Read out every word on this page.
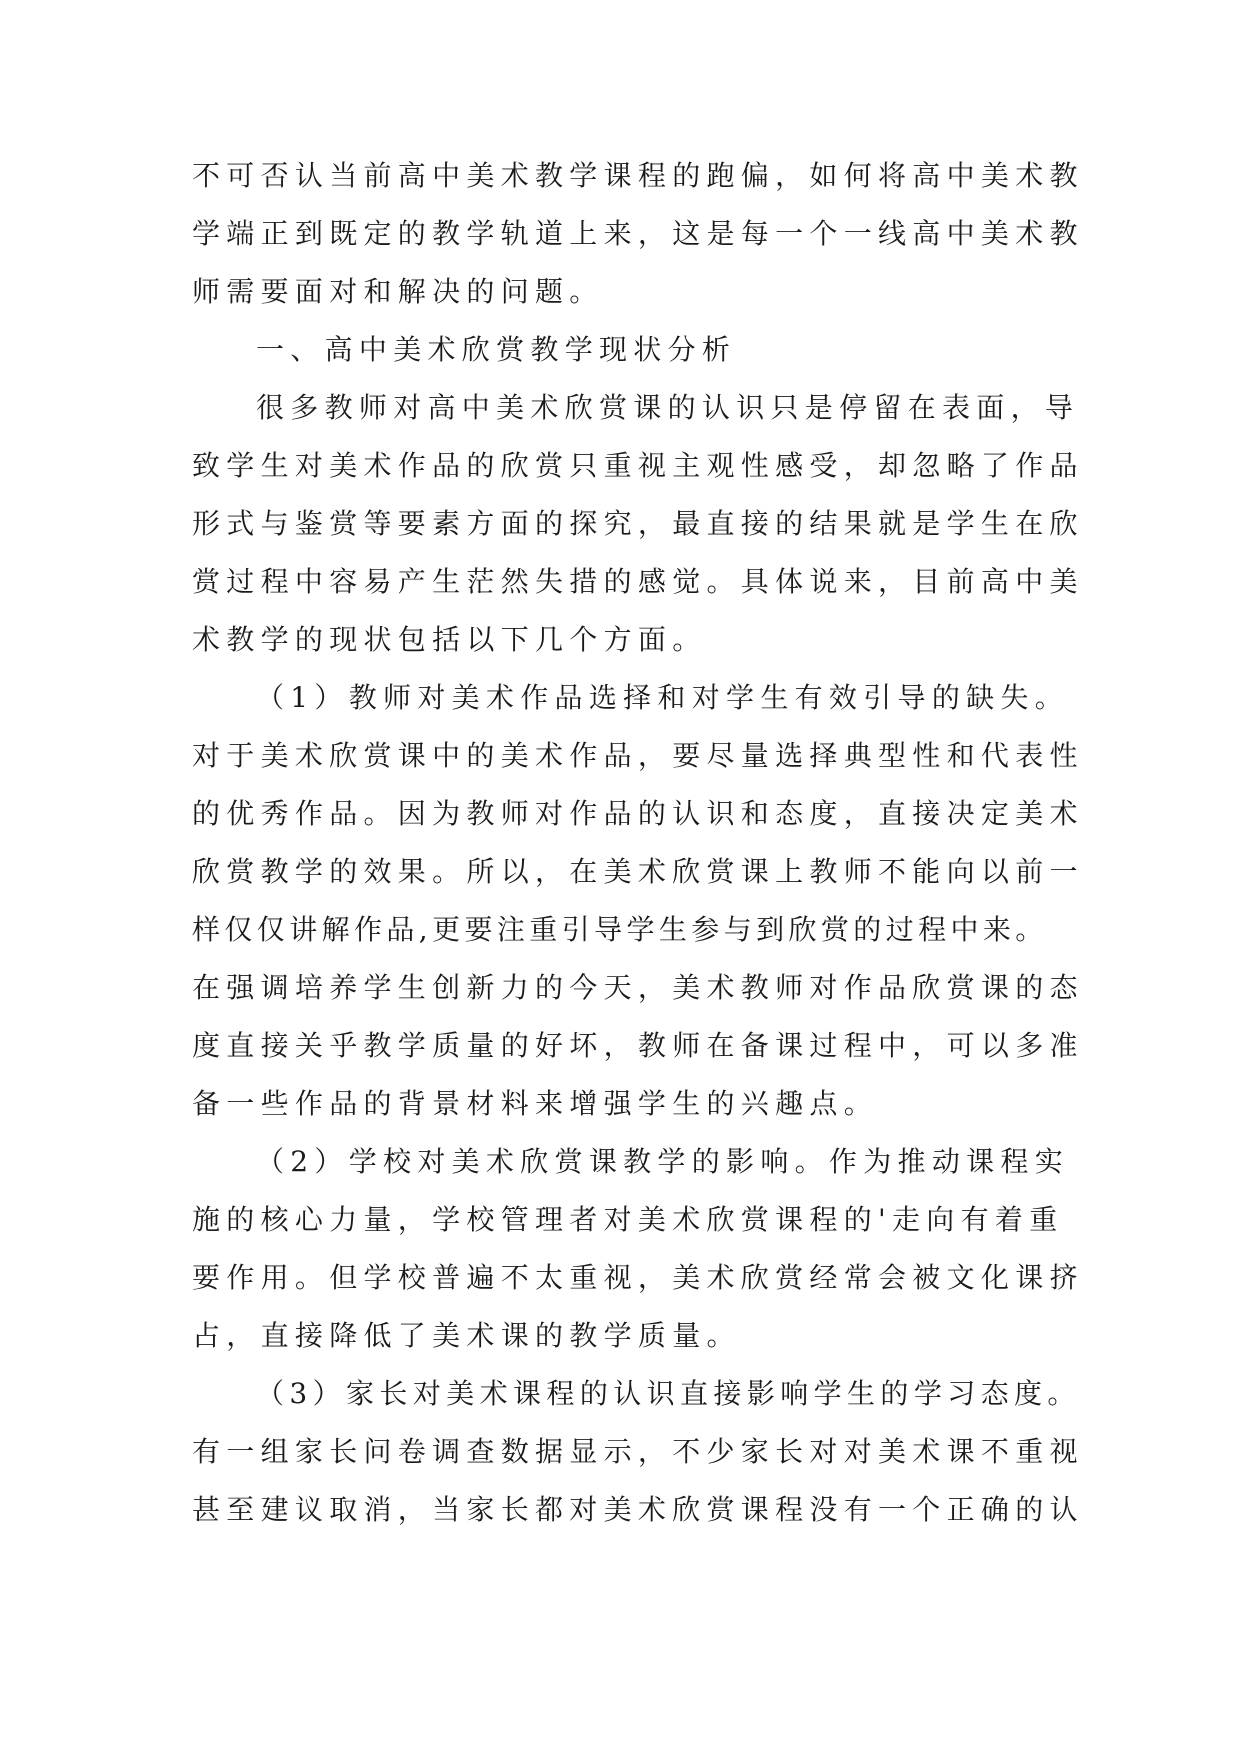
不可否认当前高中美术教学课程的跑偏，如何将高中美术教
学端正到既定的教学轨道上来，这是每一个一线高中美术教
师需要面对和解决的问题。
一、高中美术欣赏教学现状分析
很多教师对高中美术欣赏课的认识只是停留在表面，导
致学生对美术作品的欣赏只重视主观性感受，却忽略了作品
形式与鉴赏等要素方面的探究，最直接的结果就是学生在欣
赏过程中容易产生茫然失措的感觉。具体说来，目前高中美
术教学的现状包括以下几个方面。
（1）教师对美术作品选择和对学生有效引导的缺失。
对于美术欣赏课中的美术作品，要尽量选择典型性和代表性
的优秀作品。因为教师对作品的认识和态度，直接决定美术
欣赏教学的效果。所以，在美术欣赏课上教师不能向以前一
样仅仅讲解作品,更要注重引导学生参与到欣赏的过程中来。
在强调培养学生创新力的今天，美术教师对作品欣赏课的态
度直接关乎教学质量的好坏，教师在备课过程中，可以多准
备一些作品的背景材料来增强学生的兴趣点。
（2）学校对美术欣赏课教学的影响。作为推动课程实
施的核心力量，学校管理者对美术欣赏课程的'走向有着重
要作用。但学校普遍不太重视，美术欣赏经常会被文化课挤
占，直接降低了美术课的教学质量。
（3）家长对美术课程的认识直接影响学生的学习态度。
有一组家长问卷调查数据显示，不少家长对对美术课不重视
甚至建议取消，当家长都对美术欣赏课程没有一个正确的认
